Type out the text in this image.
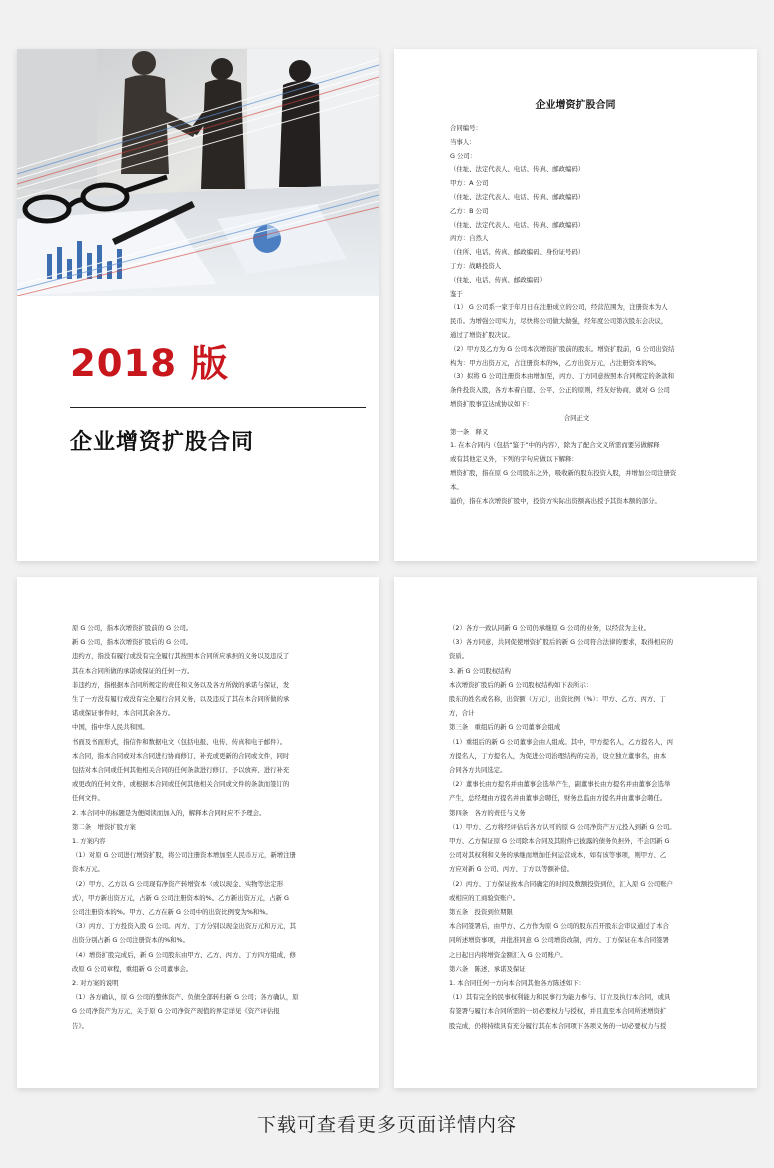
2018 版
企业增资扩股合同
企业增资扩股合同
合同编号：
当事人：
G 公司：
（住址、法定代表人、电话、传真、邮政编码）
甲方：A 公司
（住址、法定代表人、电话、传真、邮政编码）
乙方：B 公司
（住址、法定代表人、电话、传真、邮政编码）
丙方：自然人
（住所、电话、传真、邮政编码、身份证号码）
丁方：战略投资人
（住址、电话、传真、邮政编码）
鉴于
（1） G 公司系一家于年月日在注册成立的公司，经营范围为，注册资本为人
民币。为增强公司实力，尽快将公司做大做强，经年度公司第次股东会决议，
通过了增资扩股决议。
（2）甲方及乙方为 G 公司本次增资扩股前的股东。增资扩股前，G 公司出资结
构为：甲方出资万元，占注册资本的%，乙方出资万元，占注册资本的%。
（3）拟将 G 公司注册资本由增加至，丙方、丁方同意按照本合同规定的条款和
条件投资入股，各方本着自愿、公平、公正的原则，经友好协商，就对 G 公司
增资扩股事宜达成协议如下：
合同正文
第一条　释义
1. 在本合同内（包括“鉴于”中的内容），除为了配合文义所需而要另做解释
或有其他定义外，下列的字句应做以下解释：
增资扩股，指在原 G 公司股东之外，吸收新的股东投资入股，并增加公司注册资
本。
溢价，指在本次增资扩股中，投资方实际出资额高出授予其资本额的部分。
原 G 公司，指本次增资扩股前的 G 公司。
新 G 公司，指本次增资扩股后的 G 公司。
违约方，指没有履行或没有完全履行其按照本合同所应承担的义务以及违反了
其在本合同所做的承诺或保证的任何一方。
非违约方，指根据本合同所规定的责任和义务以及各方所做的承诺与保证，发
生了一方没有履行或没有完全履行合同义务，以及违反了其在本合同所做的承
诺或保证事件时，本合同其余各方。
中国，指中华人民共和国。
书面及书面形式，指信件和数据电文（包括电报、电传、传真和电子邮件）。
本合同，指本合同或对本合同进行协商修订、补充或更新的合同或文件，同时
包括对本合同或任何其他相关合同的任何条款进行修订、予以放弃、进行补充
或更改的任何文件，或根据本合同或任何其他相关合同或文件的条款而签订的
任何文件。
2. 本合同中的标题是为便阅读而加入的，解释本合同时应不予理会。
第二条　增资扩股方案
1. 方案内容
（1）对原 G 公司进行增资扩股，将公司注册资本增加至人民币万元，新增注册
资本万元。
（2）甲方、乙方以 G 公司现有净资产转增资本（或以现金、实物等法定形
式），甲方新出资万元，占新 G 公司注册资本的%。乙方新出资万元，占新 G
公司注册资本的%。甲方、乙方在新 G 公司中的出资比例变为%和%。
（3）丙方、丁方投资入股 G 公司。丙方、丁方分别以现金出资万元和万元，其
出资分别占新 G 公司注册资本的%和%。
（4）增资扩股完成后，新 G 公司股东由甲方、乙方、丙方、丁方四方组成，修
改原 G 公司章程，重组新 G 公司董事会。
2. 对方案的说明
（1）各方确认，原 G 公司的整体资产、负债全部转归新 G 公司；各方确认，原
G 公司净资产为万元，关于原 G 公司净资产现值的界定详见《资产评估报
告》。
（2）各方一致认同新 G 公司仍承继原 G 公司的业务，以经营为主业。
（3）各方同意，共同促使增资扩股后的新 G 公司符合法律的要求，取得相应的
资质。
3. 新 G 公司股权结构
本次增资扩股后的新 G 公司股权结构如下表所示：
股东的姓名或名称，出资额（万元），出资比例（%）：甲方、乙方、丙方、丁
方，合计
第三条　重组后的新 G 公司董事会组成
（1）重组后的新 G 公司董事会由人组成。其中，甲方提名人，乙方提名人，丙
方提名人，丁方提名人，为促进公司治理结构的完善，设立独立董事名，由本
合同各方共同选定。
（2）董事长由方提名并由董事会选举产生，副董事长由方提名并由董事会选举
产生，总经理由方提名并由董事会聘任，财务总监由方提名并由董事会聘任。
第四条　各方的责任与义务
（1）甲方、乙方将经评估后各方认可的原 G 公司净资产万元投入到新 G 公司。
甲方、乙方保证原 G 公司除本合同及其附件已披露的债务负担外，不会因新 G
公司对其权利和义务的承继而增加任何运营成本，如有该等事项，则甲方、乙
方应对新 G 公司、丙方、丁方以等额补偿。
（2）丙方、丁方保证按本合同确定的时间及数额投资到位，汇入原 G 公司账户
或相应的工商验资账户。
第五条　投资到位期限
本合同签署后，由甲方、乙方作为原 G 公司的股东召开股东会审议通过了本合
同所述增资事项，并批准同意 G 公司增资改制，丙方、丁方保证在本合同签署
之日起日内将增资金额汇入 G 公司账户。
第六条　陈述、承诺及保证
1. 本合同任何一方向本合同其他各方陈述如下：
（1）其有完全的民事权利能力和民事行为能力参与、订立及执行本合同，或具
有签署与履行本合同所需的一切必要权力与授权，并且直至本合同所述增资扩
股完成，仍将持续具有充分履行其在本合同项下各项义务的一切必要权力与授
下载可查看更多页面详情内容
